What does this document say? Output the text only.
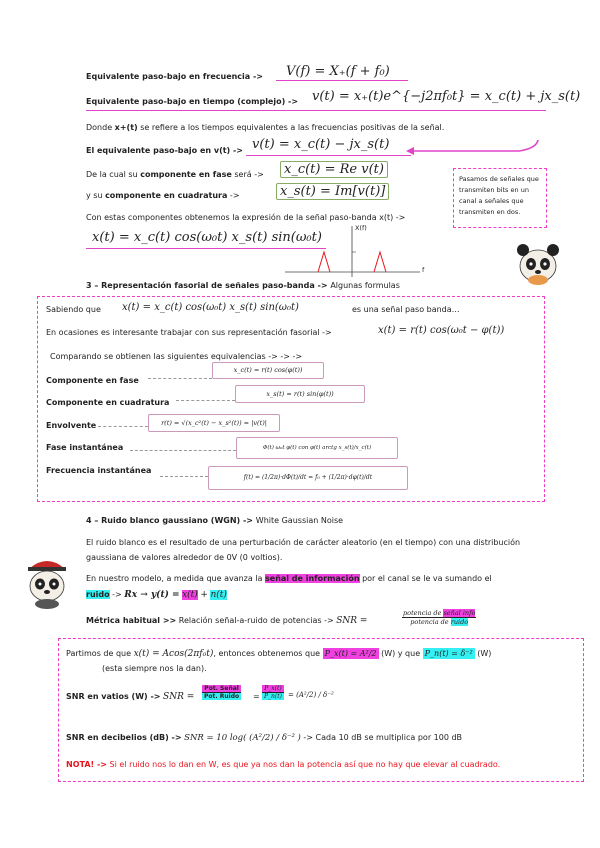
Equivalente paso-bajo en frecuencia ->	V(f) = X₊(f + f₀)
Equivalente paso-bajo en tiempo (complejo) -> v(t) = x₊(t)e^{−j2πf₀t} = x_c(t) + jx_s(t)
Donde x+(t) se refiere a los tiempos equivalentes a las frecuencias positivas de la señal.
El equivalente paso-bajo en v(t) -> v(t) = x_c(t) − jx_s(t)
De la cual su componente en fase será ->	x_c(t) = Re v(t)
y su componente en cuadratura ->	x_s(t) = Im[v(t)]
Con estas componentes obtenemos la expresión de la señal paso-banda x(t) ->
x(t) = x_c(t) cos(ω₀t) x_s(t) sin(ω₀t)
Pasamos de señales que transmiten bits en un canal a señales que transmiten en dos.
X(f)
f
3 – Representación fasorial de señales paso-banda -> Algunas formulas
Sabiendo que x(t) = x_c(t) cos(ω₀t) x_s(t) sin(ω₀t)	es una señal paso banda…
En ocasiones es interesante trabajar con sus representación fasorial ->	x(t) = r(t) cos(ω₀t − φ(t))
Comparando se obtienen las siguientes equivalencias -> -> ->
Componente en fase
x_c(t) = r(t) cos(φ(t))
Componente en cuadratura
x_s(t) = r(t) sin(φ(t))
Envolvente	r(t) = √(x_c²(t) − x_s²(t)) = |v(t)|
Fase instantánea	Φ(t) ω₀t φ(t) con φ(t) arctg x_s(t)/x_c(t)
Frecuencia instantánea
f(t) = (1/2π)·dΦ(t)/dt = f₀ + (1/2π)·dφ(t)/dt
4 – Ruido blanco gaussiano (WGN) -> White Gaussian Noise
El ruido blanco es el resultado de una perturbación de carácter aleatorio (en el tiempo) con una distribución gaussiana de valores alrededor de 0V (0 voltios).
En nuestro modelo, a medida que avanza la señal de información por el canal se le va sumando el
ruido -> Rx → y(t) = x(t) + n(t)
Métrica habitual >> Relación señal-a-ruido de potencias -> SNR =
potencia de señal info
potencia de ruido
Partimos de que x(t) = Acos(2πf₀t), entonces obtenemos que P_x(t) = A²/2 (W) y que P_n(t) = δ⁻² (W)
(esta siempre nos la dan).
SNR en vatios (W) -> SNR =
Pot. Señal
Pot. Ruido =
P_x(t)
P_n(t) = (A²/2) / δ⁻²
SNR en decibelios (dB) -> SNR = 10 log( (A²/2) / δ⁻² ) -> Cada 10 dB se multiplica por 100 dB
NOTA! -> Si el ruido nos lo dan en W, es que ya nos dan la potencia así que no hay que elevar al cuadrado.
